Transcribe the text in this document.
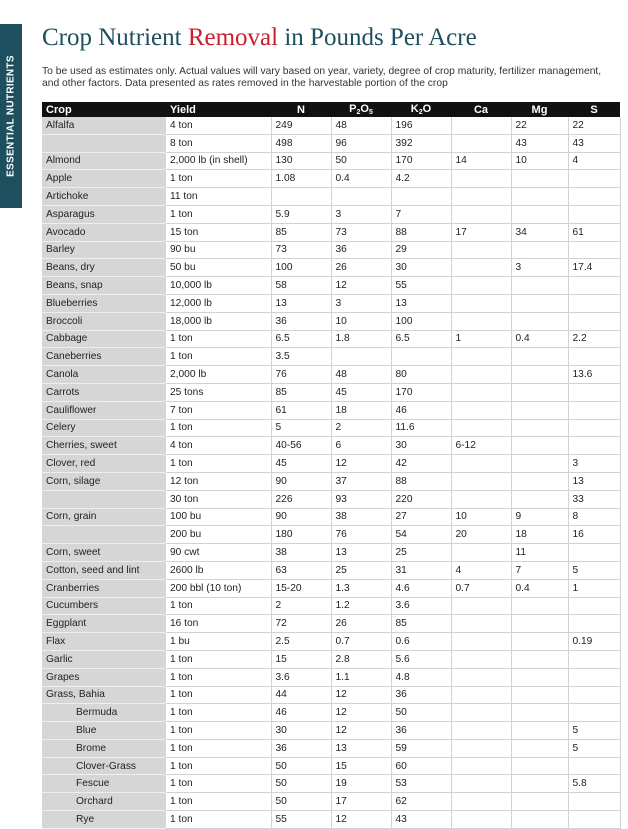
ESSENTIAL NUTRIENTS
Crop Nutrient Removal in Pounds Per Acre
To be used as estimates only. Actual values will vary based on year, variety, degree of crop maturity, fertilizer management, and other factors. Data presented as rates removed in the harvestable portion of the crop
Crop	Yield	N	$P_2O_5$	$K_2O$	Ca	Mg	S
Alfalfa	4 ton	249	48	196		22	22
	8 ton	498	96	392		43	43
Almond	2,000 lb (in shell)	130	50	170	14	10	4
Apple	1 ton	1.08	0.4	4.2			
Artichoke	11 ton						
Asparagus	1 ton	5.9	3	7			
Avocado	15 ton	85	73	88	17	34	61
Barley	90 bu	73	36	29			
Beans, dry	50 bu	100	26	30		3	17.4
Beans, snap	10,000 lb	58	12	55			
Blueberries	12,000 lb	13	3	13			
Broccoli	18,000 lb	36	10	100			
Cabbage	1 ton	6.5	1.8	6.5	1	0.4	2.2
Caneberries	1 ton	3.5					
Canola	2,000 lb	76	48	80			13.6
Carrots	25 tons	85	45	170			
Cauliflower	7 ton	61	18	46			
Celery	1 ton	5	2	11.6			
Cherries, sweet	4 ton	40-56	6	30	6-12		
Clover, red	1 ton	45	12	42			3
Corn, silage	12 ton	90	37	88			13
	30 ton	226	93	220			33
Corn, grain	100 bu	90	38	27	10	9	8
	200 bu	180	76	54	20	18	16
Corn, sweet	90 cwt	38	13	25		11	
Cotton, seed and lint	2600 lb	63	25	31	4	7	5
Cranberries	200 bbl (10 ton)	15-20	1.3	4.6	0.7	0.4	1
Cucumbers	1 ton	2	1.2	3.6			
Eggplant	16 ton	72	26	85			
Flax	1 bu	2.5	0.7	0.6			0.19
Garlic	1 ton	15	2.8	5.6			
Grapes	1 ton	3.6	1.1	4.8			
Grass, Bahia	1 ton	44	12	36			
Bermuda	1 ton	46	12	50			
Blue	1 ton	30	12	36			5
Brome	1 ton	36	13	59			5
Clover-Grass	1 ton	50	15	60			
Fescue	1 ton	50	19	53			5.8
Orchard	1 ton	50	17	62			
Rye	1 ton	55	12	43			
